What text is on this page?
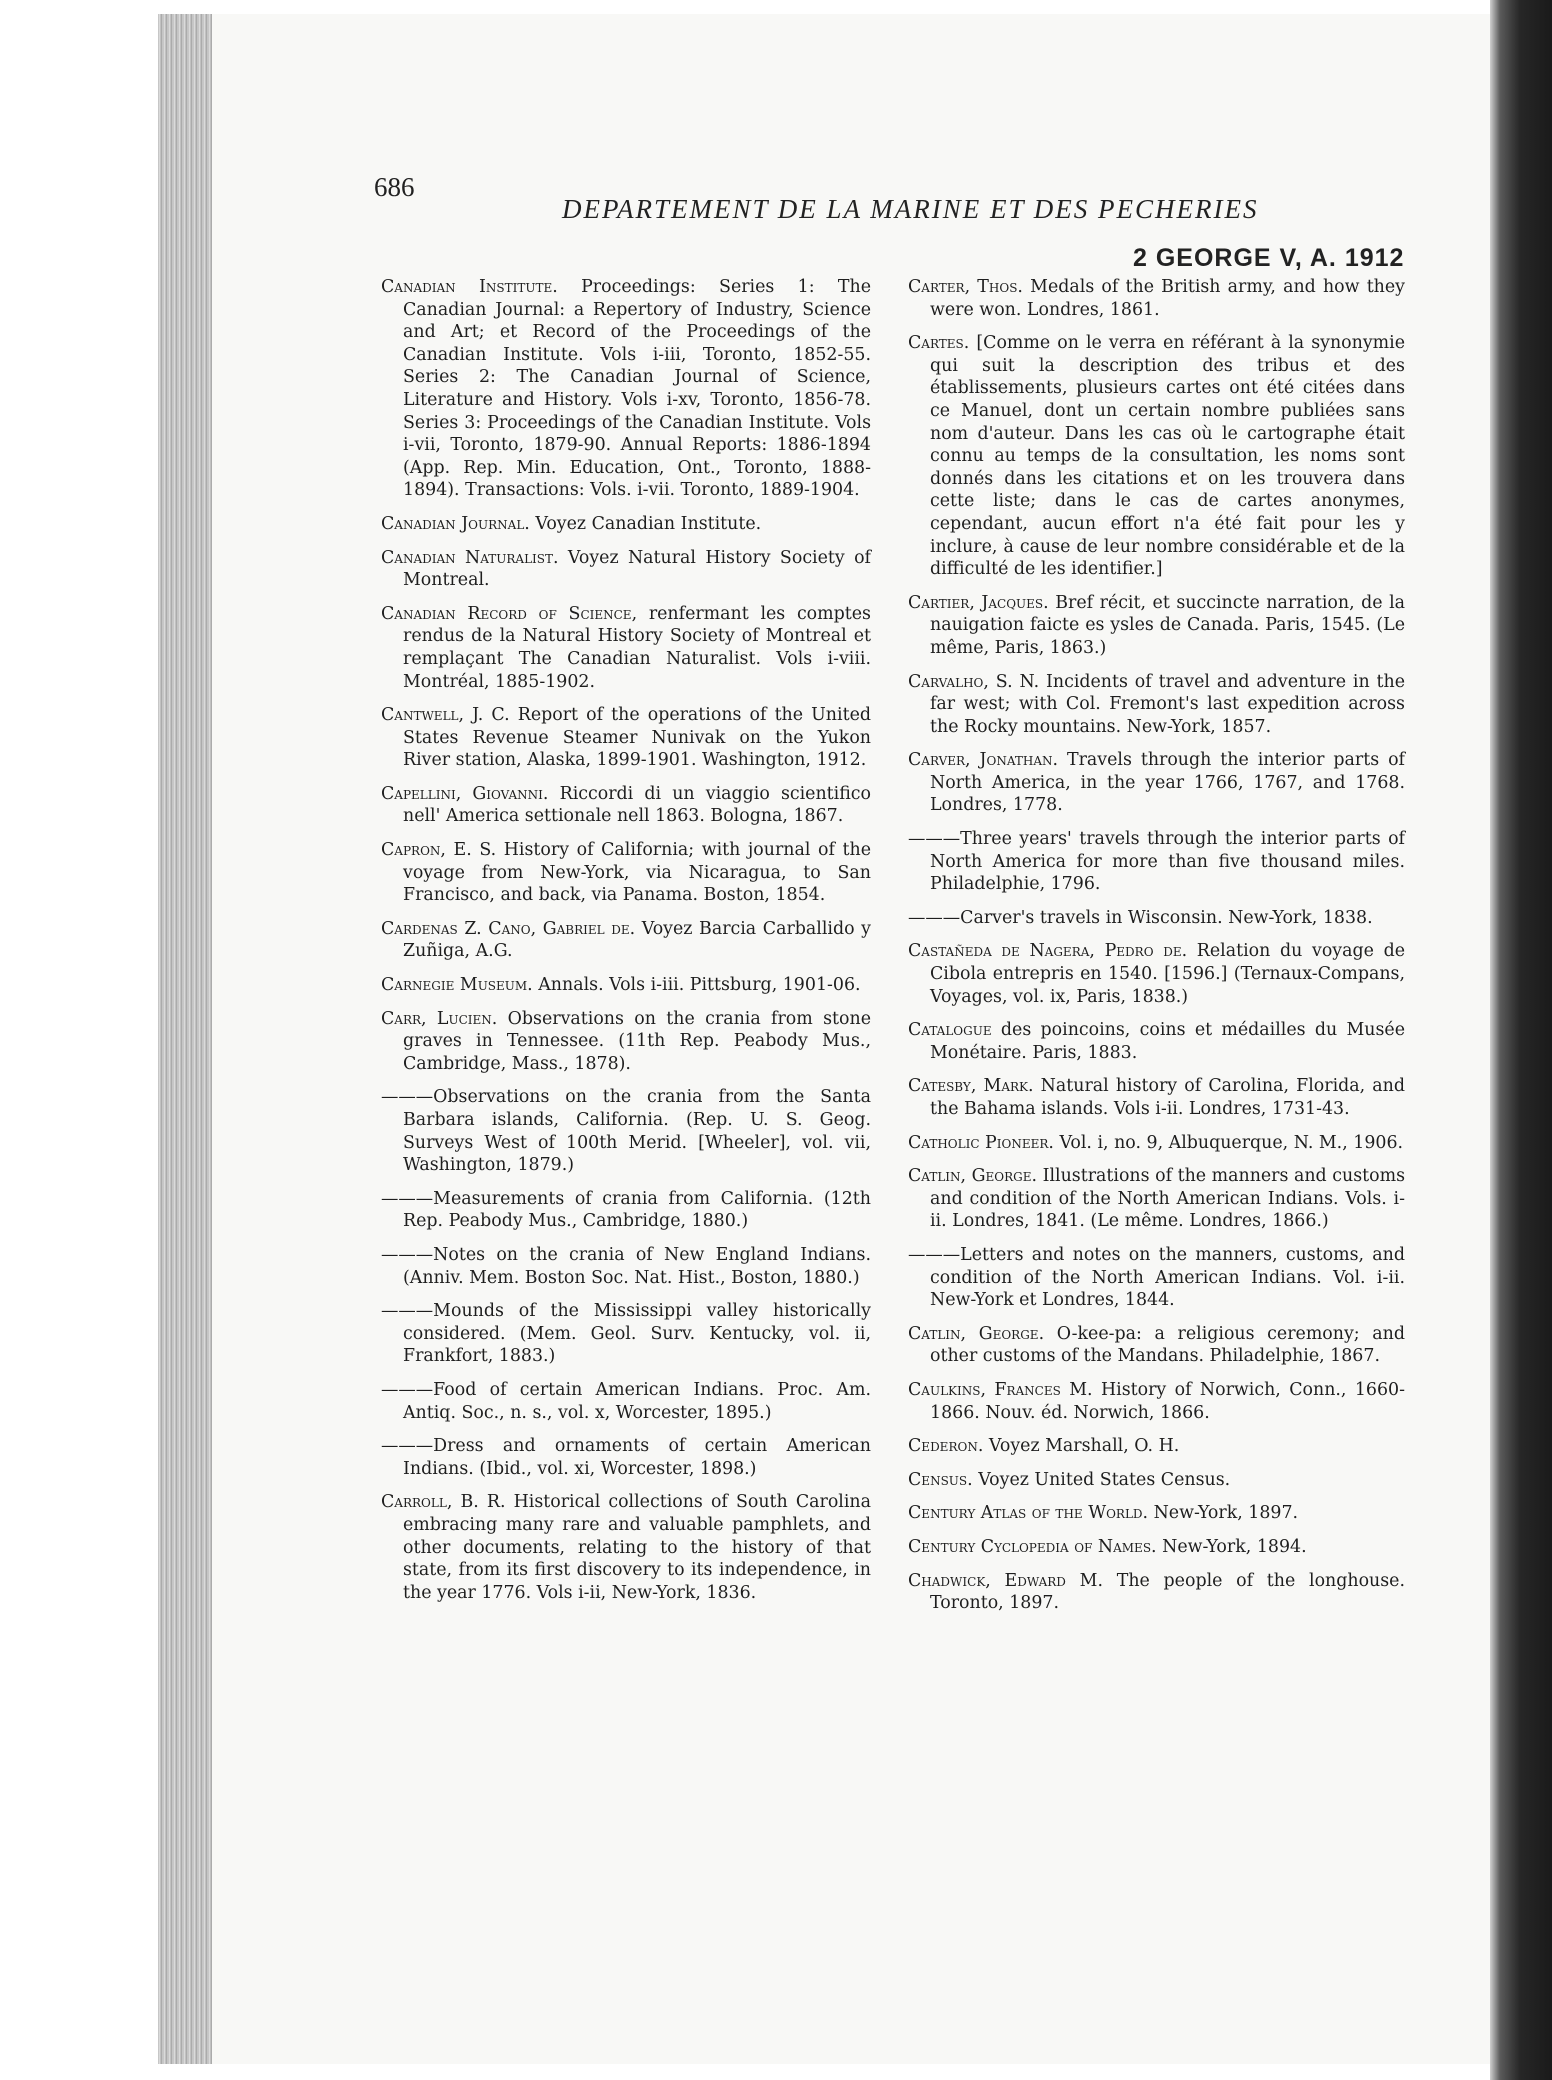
686
DEPARTEMENT DE LA MARINE ET DES PECHERIES
2 GEORGE V, A. 1912

Canadian Institute. Proceedings: Series 1: The Canadian Journal: a Repertory of Industry, Science and Art; et Record of the Proceedings of the Canadian Institute. Vols i-iii, Toronto, 1852-55. Series 2: The Canadian Journal of Science, Literature and History. Vols i-xv, Toronto, 1856-78. Series 3: Proceedings of the Canadian Institute. Vols i-vii, Toronto, 1879-90. Annual Reports: 1886-1894 (App. Rep. Min. Education, Ont., Toronto, 1888-1894). Transactions: Vols. i-vii. Toronto, 1889-1904.

Canadian Journal. Voyez Canadian Institute.

Canadian Naturalist. Voyez Natural History Society of Montreal.

Canadian Record of Science, renfermant les comptes rendus de la Natural History Society of Montreal et remplaçant The Canadian Naturalist. Vols i-viii. Montréal, 1885-1902.

Cantwell, J. C. Report of the operations of the United States Revenue Steamer Nunivak on the Yukon River station, Alaska, 1899-1901. Washington, 1912.

Capellini, Giovanni. Riccordi di un viaggio scientifico nell' America settionale nell 1863. Bologna, 1867.

Capron, E. S. History of California; with journal of the voyage from New-York, via Nicaragua, to San Francisco, and back, via Panama. Boston, 1854.

Cardenas Z. Cano, Gabriel de. Voyez Barcia Carballido y Zuñiga, A.G.

Carnegie Museum. Annals. Vols i-iii. Pittsburg, 1901-06.

Carr, Lucien. Observations on the crania from stone graves in Tennessee. (11th Rep. Peabody Mus., Cambridge, Mass., 1878).

———Observations on the crania from the Santa Barbara islands, California. (Rep. U. S. Geog. Surveys West of 100th Merid. [Wheeler], vol. vii, Washington, 1879.)

———Measurements of crania from California. (12th Rep. Peabody Mus., Cambridge, 1880.)

———Notes on the crania of New England Indians. (Anniv. Mem. Boston Soc. Nat. Hist., Boston, 1880.)

———Mounds of the Mississippi valley historically considered. (Mem. Geol. Surv. Kentucky, vol. ii, Frankfort, 1883.)

———Food of certain American Indians. Proc. Am. Antiq. Soc., n. s., vol. x, Worcester, 1895.)

———Dress and ornaments of certain American Indians. (Ibid., vol. xi, Worcester, 1898.)

Carroll, B. R. Historical collections of South Carolina embracing many rare and valuable pamphlets, and other documents, relating to the history of that state, from its first discovery to its independence, in the year 1776. Vols i-ii, New-York, 1836.

Carter, Thos. Medals of the British army, and how they were won. Londres, 1861.

Cartes. [Comme on le verra en référant à la synonymie qui suit la description des tribus et des établissements, plusieurs cartes ont été citées dans ce Manuel, dont un certain nombre publiées sans nom d'auteur. Dans les cas où le cartographe était connu au temps de la consultation, les noms sont donnés dans les citations et on les trouvera dans cette liste; dans le cas de cartes anonymes, cependant, aucun effort n'a été fait pour les y inclure, à cause de leur nombre considérable et de la difficulté de les identifier.]

Cartier, Jacques. Bref récit, et succincte narration, de la nauigation faicte es ysles de Canada. Paris, 1545. (Le même, Paris, 1863.)

Carvalho, S. N. Incidents of travel and adventure in the far west; with Col. Fremont's last expedition across the Rocky mountains. New-York, 1857.

Carver, Jonathan. Travels through the interior parts of North America, in the year 1766, 1767, and 1768. Londres, 1778.

———Three years' travels through the interior parts of North America for more than five thousand miles. Philadelphie, 1796.

———Carver's travels in Wisconsin. New-York, 1838.

Castañeda de Nagera, Pedro de. Relation du voyage de Cibola entrepris en 1540. [1596.] (Ternaux-Compans, Voyages, vol. ix, Paris, 1838.)

Catalogue des poincoins, coins et médailles du Musée Monétaire. Paris, 1883.

Catesby, Mark. Natural history of Carolina, Florida, and the Bahama islands. Vols i-ii. Londres, 1731-43.

Catholic Pioneer. Vol. i, no. 9, Albuquerque, N. M., 1906.

Catlin, George. Illustrations of the manners and customs and condition of the North American Indians. Vols. i-ii. Londres, 1841. (Le même. Londres, 1866.)

———Letters and notes on the manners, customs, and condition of the North American Indians. Vol. i-ii. New-York et Londres, 1844.

Catlin, George. O-kee-pa: a religious ceremony; and other customs of the Mandans. Philadelphie, 1867.

Caulkins, Frances M. History of Norwich, Conn., 1660-1866. Nouv. éd. Norwich, 1866.

Cederon. Voyez Marshall, O. H.

Census. Voyez United States Census.

Century Atlas of the World. New-York, 1897.

Century Cyclopedia of Names. New-York, 1894.

Chadwick, Edward M. The people of the longhouse. Toronto, 1897.
